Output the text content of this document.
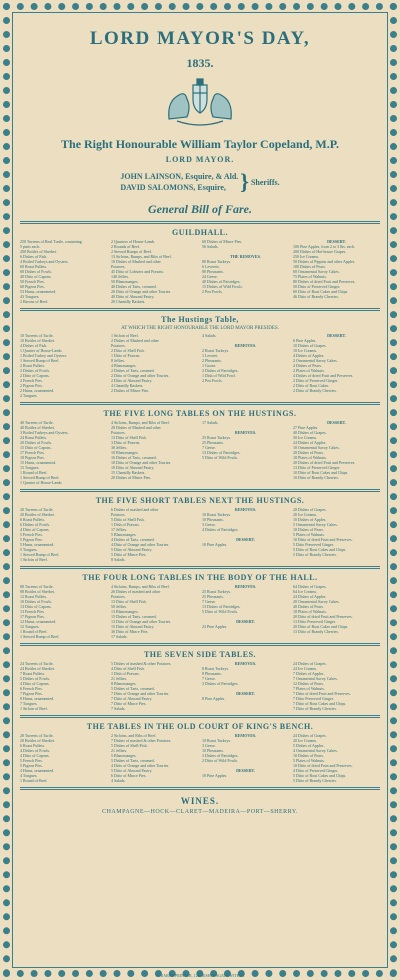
LORD MAYOR'S DAY,
1835.
The Right Honourable William Taylor Copeland, M.P.
LORD MAYOR.
JOHN LAINSON, Esquire, & Ald.
DAVID SALOMONS, Esquire, } Sheriffs.
General Bill of Fare.
GUILDHALL.
250 Tureens of Real Turtle, containing
5 pints each.
200 Bottles of Sherbet.
6 Dishes of Fish.
4 Boiled Turkeys and Oysters.
60 Roast Pullets.
60 Dishes of Fowls.
40 Ditto of Capons.
50 French Pies.
60 Pigeon Pies.
53 Hams, ornamented.
43 Tongues.
2 Barons of Beef.
2 Quarters of House-Lamb.
2 Rounds of Beef.
2 Stewed Rumps of Beef.
13 Sirloins, Rumps, and Ribs of Beef.
10 Dishes of Mashed and other
Potatoes.
45 Ditto of Lobsters and Prawns.
140 Jellies.
50 Blancmanges.
40 Dishes of Tarts, creamed.
20 Ditto of Orange and other Tourtes.
40 Ditto of Almond Pastry.
20 Chantilly Baskets.
60 Dishes of Mince Pies.
56 Salads.

THE REMOVES.
80 Roast Turkeys.
6 Leverets.
80 Pheasants.
24 Geese.
40 Dishes of Partridges.
15 Dishes of Wild Fowls.
2 Pea Fowls.
DESSERT.
100 Pine Apples, from 2 to 3 lbs. each.
200 Dishes of Hot-house Grapes.
250 Ice Creams.
50 Dishes of Pippins and other Apples.
100 Dishes of Pears.
60 Ornamental Savoy Cakes.
75 Plates of Walnuts.
80 Dishes of dried Fruit and Preserves.
50 Ditto of Preserved Ginger.
60 Ditto of Rout Cakes and Chips.
46 Ditto of Brandy Cherries.
The Hustings Table,
AT WHICH THE RIGHT HONOURABLE THE LORD MAYOR PRESIDES.
10 Tureens of Turtle.
10 Bottles of Sherbet.
4 Dishes of Fish.
1 Quarter of House-Lamb.
1 Boiled Turkey and Oysters.
1 Stewed Rump of Beef.
2 Roast Pullets.
2 Dishes of Fowls.
2 Ditto of Capons.
2 French Pies.
2 Pigeon Pies.
2 Hams, ornamented.
2 Tongues.
1 Sirloin of Beef.
2 Dishes of Mashed and other
Potatoes.
2 Ditto of Shell Fish.
1 Ditto of Prawns.
8 Jellies.
4 Blancmanges.
2 Dishes of Tarts, creamed.
2 Ditto of Orange and other Tourtes.
2 Ditto of Almond Pastry.
4 Chantilly Baskets.
2 Dishes of Mince Pies.
4 Salads.

REMOVES.
2 Roast Turkeys.
1 Leveret.
2 Pheasants.
1 Goose.
2 Dishes of Partridges.
1 Dish of Wild Fowl.
2 Pea Fowls.
DESSERT.
6 Pine Apples.
10 Dishes of Grapes.
10 Ice Creams.
4 Dishes of Apples.
2 Ornamental Savoy Cakes.
4 Dishes of Pears.
2 Plates of Walnuts.
4 Dishes of dried Fruit and Preserves.
2 Ditto of Preserved Ginger.
2 Ditto of Rout Cakes.
2 Ditto of Brandy Cherries.
THE FIVE LONG TABLES ON THE HUSTINGS.
40 Tureens of Turtle.
40 Bottles of Sherbet.
3 Boiled Turkeys and Oysters.
24 Roast Pullets.
20 Dishes of Fowls.
15 Ditto of Capons.
17 French Pies.
18 Pigeon Pies.
15 Hams, ornamented.
15 Tongues.
1 Round of Beef.
1 Stewed Rump of Beef.
1 Quarter of House-Lamb.
4 Sirloins, Rumps, and Ribs of Beef.
20 Dishes of Mashed and other
Potatoes.
13 Ditto of Shell Fish.
3 Ditto of Prawns.
30 Jellies.
10 Blancmanges.
16 Dishes of Tarts, creamed.
10 Ditto of Orange and other Tourtes.
10 Ditto of Almond Pastry.
15 Chantilly Baskets.
20 Dishes of Mince Pies.
17 Salads.

REMOVES.
25 Roast Turkeys.
25 Pheasants.
7 Geese.
13 Dishes of Partridges.
5 Ditto of Wild Fowls.
DESSERT.
27 Pine Apples.
40 Dishes of Grapes.
50 Ice Creams.
24 Dishes of Apples.
10 Ornamental Savoy Cakes.
20 Dishes of Pears.
18 Plates of Walnuts.
20 Dishes of dried Fruit and Preserves.
13 Ditto of Preserved Ginger.
10 Ditto of Rout Cakes and Chips.
10 Ditto of Brandy Cherries.
THE FIVE SHORT TABLES NEXT THE HUSTINGS.
20 Tureens of Turtle.
20 Bottles of Sherbet.
6 Roast Pullets.
6 Dishes of Fowls.
4 Ditto of Capons.
5 French Pies.
5 Pigeon Pies.
5 Hams, ornamented.
5 Tongues.
1 Stewed Rump of Beef.
1 Sirloin of Beef.
6 Dishes of mashed and other
Potatoes.
5 Ditto of Shell Fish.
1 Dish of Prawns.
17 Jellies.
5 Blancmanges.
4 Dishes of Tarts, creamed.
4 Ditto of Orange and other Tourtes.
5 Ditto of Almond Pastry.
5 Ditto of Mince Pies.
8 Salads.
REMOVES.
10 Roast Turkeys.
10 Pheasants.
3 Geese.
4 Dishes of Partridges.

DESSERT.
10 Pine Apples.
20 Dishes of Grapes.
20 Ice Creams.
10 Dishes of Apples.
5 Ornamental Savoy Cakes.
10 Dishes of Pears.
5 Plates of Walnuts.
10 Ditto of dried Fruit and Preserves.
5 Ditto Preserved Ginger.
5 Ditto of Rout Cakes and Chips.
5 Ditto of Brandy Cherries.
THE FOUR LONG TABLES IN THE BODY OF THE HALL.
88 Tureens of Turtle.
88 Bottles of Sherbet.
12 Roast Pullets.
10 Dishes of Fowls.
13 Ditto of Capons.
13 French Pies.
17 Pigeon Pies.
12 Hams, ornamented.
12 Tongues.
1 Round of Beef.
1 Stewed Rump of Beef.
4 Sirloins, Rumps, and Ribs of Beef.
26 Dishes of mashed and other
Potatoes.
13 Ditto of Shell Fish.
50 Jellies.
13 Blancmanges.
15 Dishes of Tarts, creamed.
13 Ditto of Orange and other Tourtes.
15 Ditto of Almond Pastry.
30 Ditto of Mince Pies.
17 Salads.
REMOVES.
25 Roast Turkeys.
25 Pheasants.
7 Geese.
13 Dishes of Partridges.
5 Ditto of Wild Fowls.

DESSERT.
23 Pine Apples.
64 Dishes of Grapes.
64 Ice Creams.
24 Dishes of Apples.
20 Ornamental Savoy Cakes.
40 Dishes of Pears.
18 Plates of Walnuts.
20 Ditto of dried Fruit and Preserves.
13 Ditto Preserved Ginger.
20 Ditto of Rout Cakes and Chips.
13 Ditto of Brandy Cherries.
THE SEVEN SIDE TABLES.
24 Tureens of Turtle.
24 Bottles of Sherbet.
7 Roast Pullets.
5 Dishes of Fowls.
4 Ditto of Capons.
6 French Pies.
7 Pigeon Pies.
8 Hams, ornamented.
7 Tongues.
1 Sirloin of Beef.
5 Dishes of mashed & other Potatoes.
4 Ditto of Shell Fish.
1 Dish of Prawns.
21 Jellies.
8 Blancmanges.
5 Dishes of Tarts, creamed.
7 Ditto of Orange and other Tourtes.
7 Ditto of Almond Pastry.
7 Ditto of Mince Pies.
7 Salads.
REMOVES.
8 Roast Turkeys.
8 Pheasants.
7 Geese.
3 Dishes of Partridges.

DESSERT.
8 Pine Apples.
24 Dishes of Grapes.
24 Ice Creams.
7 Dishes of Apples.
7 Ornamental Savoy Cakes.
12 Dishes of Pears.
7 Plates of Walnuts.
7 Ditto of dried Fruit and Preserves.
7 Ditto Preserved Ginger.
7 Ditto of Rout Cakes and Chips.
7 Ditto of Brandy Cherries.
THE TABLES IN THE OLD COURT OF KING'S BENCH.
20 Tureens of Turtle.
20 Bottles of Sherbet.
6 Roast Pullets.
4 Dishes of Fowls.
4 Ditto of Capons.
5 French Pies.
5 Pigeon Pies.
4 Hams, ornamented.
4 Tongues.
1 Round of Beef.
2 Sirloins, and Ribs of Beef.
7 Dishes of mashed & other Potatoes.
5 Dishes of Shell-Fish.
21 Jellies.
5 Blancmanges.
5 Dishes of Tarts, creamed.
4 Ditto of Orange and other Tourtes.
5 Ditto of Almond Pastry.
6 Ditto of Mince Pies.
4 Salads.
REMOVES.
10 Roast Turkeys.
3 Geese.
10 Pheasants.
3 Dishes of Partridges.
2 Ditto of Wild Fowls.

DESSERT.
10 Pine Apples.
24 Dishes of Grapes.
20 Ice Creams.
5 Dishes of Apples.
4 Ornamental Savoy Cakes.
10 Dishes of Pears.
5 Plates of Walnuts.
10 Ditto of dried Fruit and Preserves.
4 Ditto of Preserved Ginger.
5 Ditto of Rout Cakes and Chips.
5 Ditto of Brandy Cherries.
WINES.
CHAMPAGNE—HOCK—CLARET—MADEIRA—PORT—SHERRY.
W. BARRY PRINTER, 122, BISHOPSGATE WITHIN.
